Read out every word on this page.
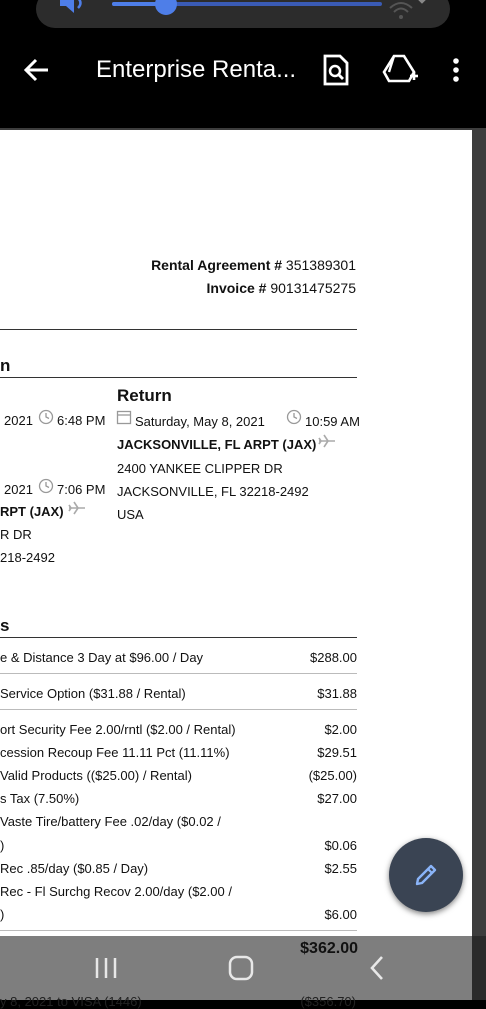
Enterprise Renta...
Rental Agreement # 351389301
Invoice # 90131475275
n
2021 6:48 PM
2021 7:06 PM
RPT (JAX)
R DR
218-2492
Return
Saturday, May 8, 2021	10:59 AM
JACKSONVILLE, FL ARPT (JAX)
2400 YANKEE CLIPPER DR
JACKSONVILLE, FL 32218-2492
USA
s
e & Distance 3 Day at $96.00 / Day	$288.00
Service Option ($31.88 / Rental)	$31.88
ort Security Fee 2.00/rntl ($2.00 / Rental)	$2.00
cession Recoup Fee 11.11 Pct (11.11%)	$29.51
Valid Products (($25.00) / Rental)	($25.00)
s Tax (7.50%)	$27.00
Vaste Tire/battery Fee .02/day ($0.02 /
)	$0.06
Rec .85/day ($0.85 / Day)	$2.55
Rec - Fl Surchg Recov 2.00/day ($2.00 /
)	$6.00
$362.00
y 8, 2021 to VISA (1446)	($356.70)
